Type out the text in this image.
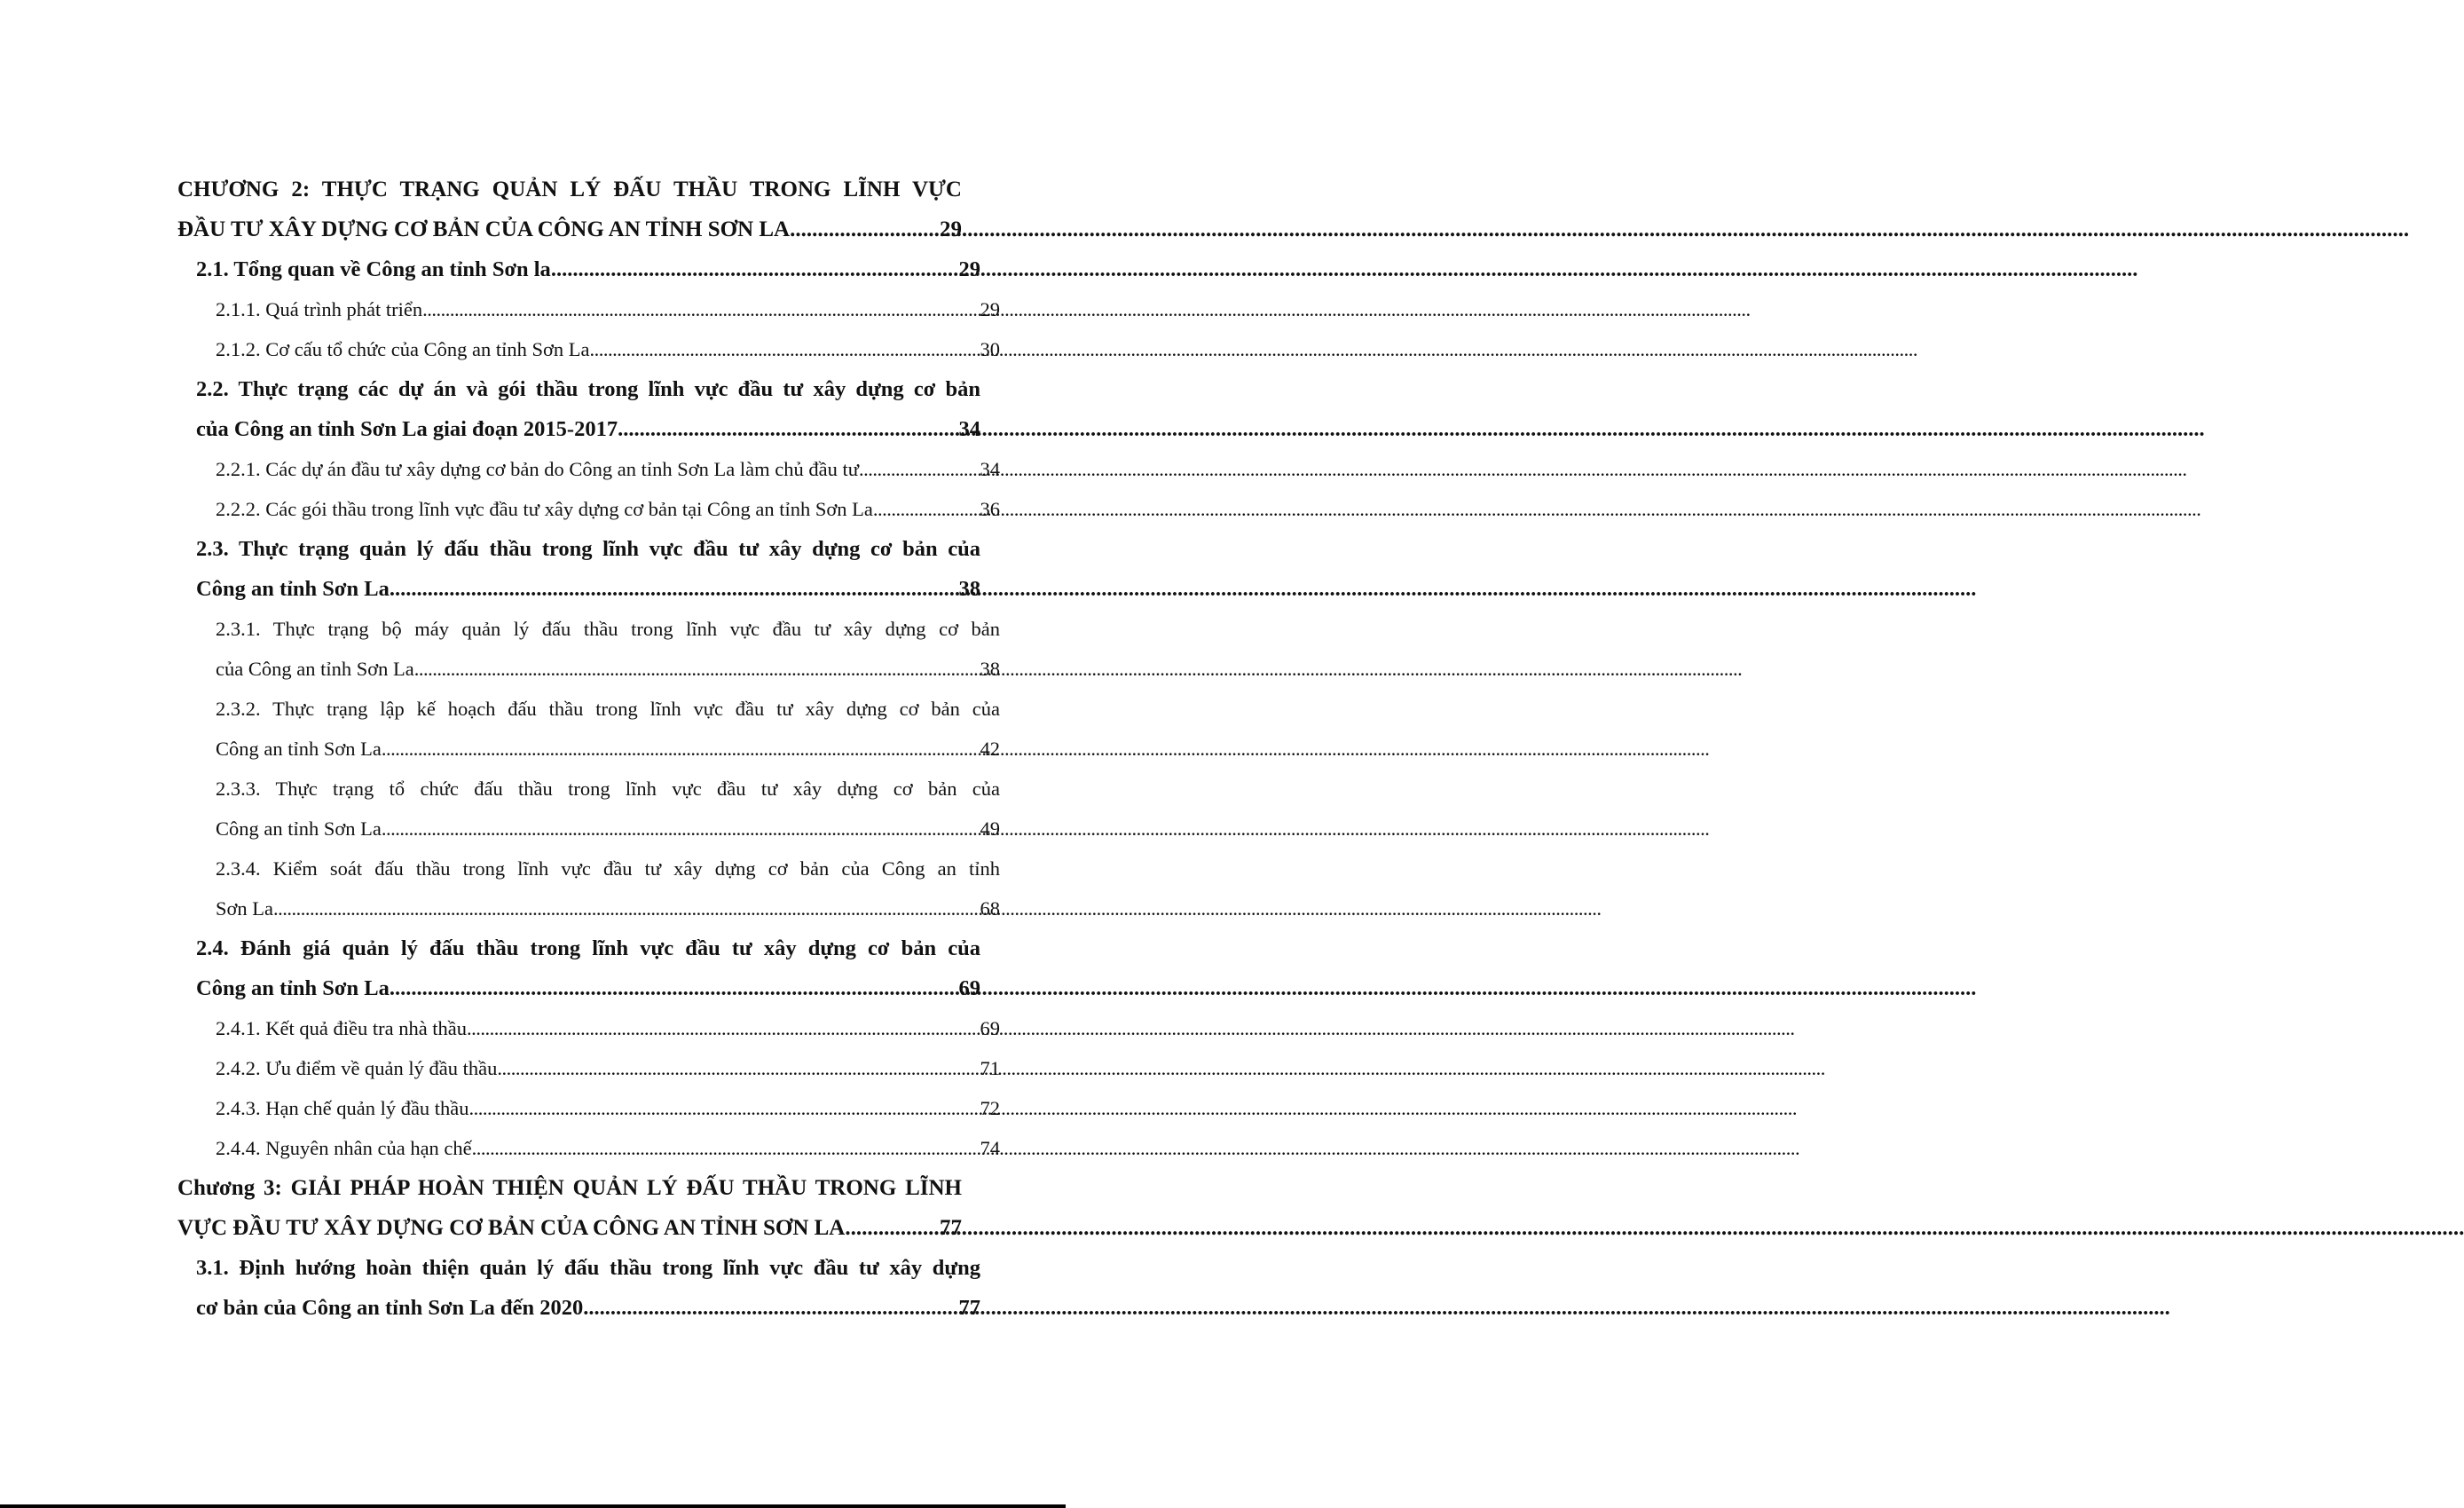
CHƯƠNG 2: THỰC TRẠNG QUẢN LÝ ĐẤU THẦU TRONG LĨNH VỰC
ĐẦU TƯ XÂY DỰNG CƠ BẢN CỦA CÔNG AN TỈNH SƠN LA .....	29
2.1. Tổng quan về Công an tỉnh Sơn la .....	29
2.1.1. Quá trình phát triển .....	29
2.1.2. Cơ cấu tổ chức của Công an tỉnh Sơn La .....	30
2.2. Thực trạng các dự án và gói thầu trong lĩnh vực đầu tư xây dựng cơ bản
của Công an tỉnh Sơn La giai đoạn 2015-2017 .....	34
2.2.1. Các dự án đầu tư xây dựng cơ bản do Công an tỉnh Sơn La làm chủ đầu tư .....	34
2.2.2. Các gói thầu trong lĩnh vực đầu tư xây dựng cơ bản tại Công an tỉnh Sơn La .....	36
2.3. Thực trạng quản lý đấu thầu trong lĩnh vực đầu tư xây dựng cơ bản của
Công an tỉnh Sơn La .....	38
2.3.1. Thực trạng bộ máy quản lý đấu thầu trong lĩnh vực đầu tư xây dựng cơ bản
của Công an tỉnh Sơn La .....	38
2.3.2. Thực trạng lập kế hoạch đấu thầu trong lĩnh vực đầu tư xây dựng cơ bản của
Công an tỉnh Sơn La .....	42
2.3.3. Thực trạng tổ chức đấu thầu trong lĩnh vực đầu tư xây dựng cơ bản của
Công an tỉnh Sơn La .....	49
2.3.4. Kiểm soát đấu thầu trong lĩnh vực đầu tư xây dựng cơ bản của Công an tỉnh
Sơn La .....	68
2.4. Đánh giá quản lý đấu thầu trong lĩnh vực đầu tư xây dựng cơ bản của
Công an tỉnh Sơn La .....	69
2.4.1. Kết quả điều tra nhà thầu .....	69
2.4.2. Ưu điểm về quản lý đầu thầu .....	71
2.4.3. Hạn chế quản lý đầu thầu .....	72
2.4.4. Nguyên nhân của hạn chế .....	74
Chương 3: GIẢI PHÁP HOÀN THIỆN QUẢN LÝ ĐẤU THẦU TRONG LĨNH
VỰC ĐẦU TƯ XÂY DỰNG CƠ BẢN CỦA CÔNG AN TỈNH SƠN LA .....	77
3.1. Định hướng hoàn thiện quản lý đấu thầu trong lĩnh vực đầu tư xây dựng
cơ bản của Công an tỉnh Sơn La đến 2020 .....	77
